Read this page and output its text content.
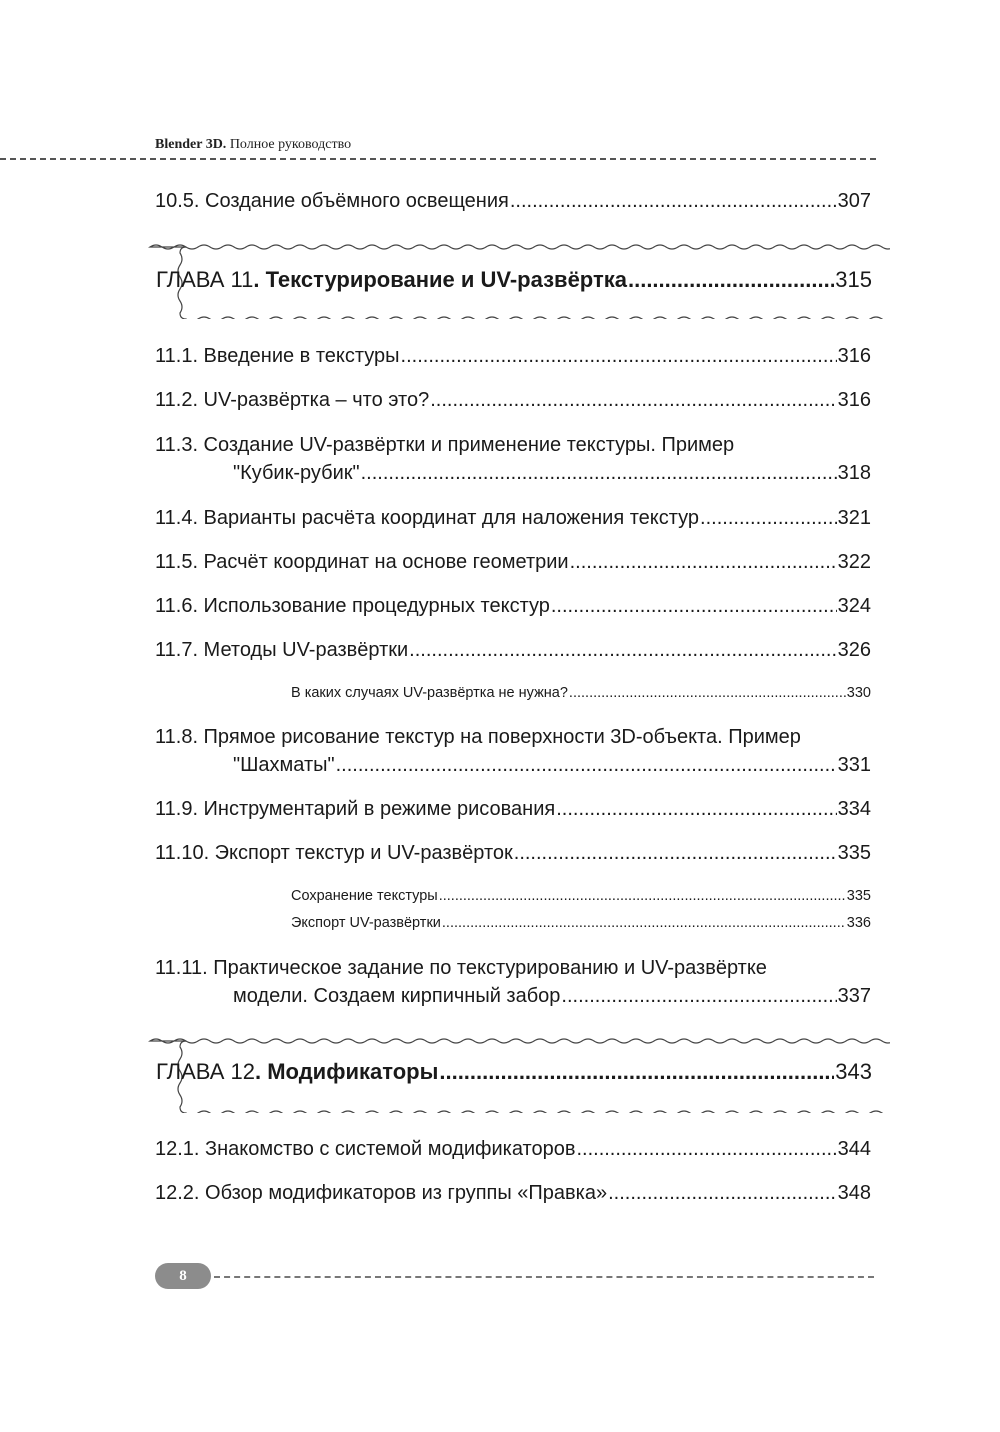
Blender 3D. Полное руководство
10.5. Создание объёмного освещения .....	307
ГЛАВА 11. Текстурирование и UV-развёртка .....	315
11.1. Введение в текстуры .....	316
11.2. UV-развёртка – что это? .....	316
11.3. Создание UV-развёртки и применение текстуры. Пример
"Кубик-рубик" .....	318
11.4. Варианты расчёта координат для наложения текстур .....	321
11.5. Расчёт координат на основе геометрии .....	322
11.6. Использование процедурных текстур .....	324
11.7. Методы UV-развёртки .....	326
В каких случаях UV-развёртка не нужна? .....	330
11.8. Прямое рисование текстур на поверхности 3D-объекта. Пример
"Шахматы" .....	331
11.9. Инструментарий в режиме рисования .....	334
11.10. Экспорт текстур и UV-развёрток .....	335
Сохранение текстуры .....	335
Экспорт UV-развёртки .....	336
11.11. Практическое задание по текстурированию и UV-развёртке
модели. Создаем кирпичный забор .....	337
ГЛАВА 12. Модификаторы .....	343
12.1. Знакомство с системой модификаторов .....	344
12.2. Обзор модификаторов из группы «Правка» .....	348
8
